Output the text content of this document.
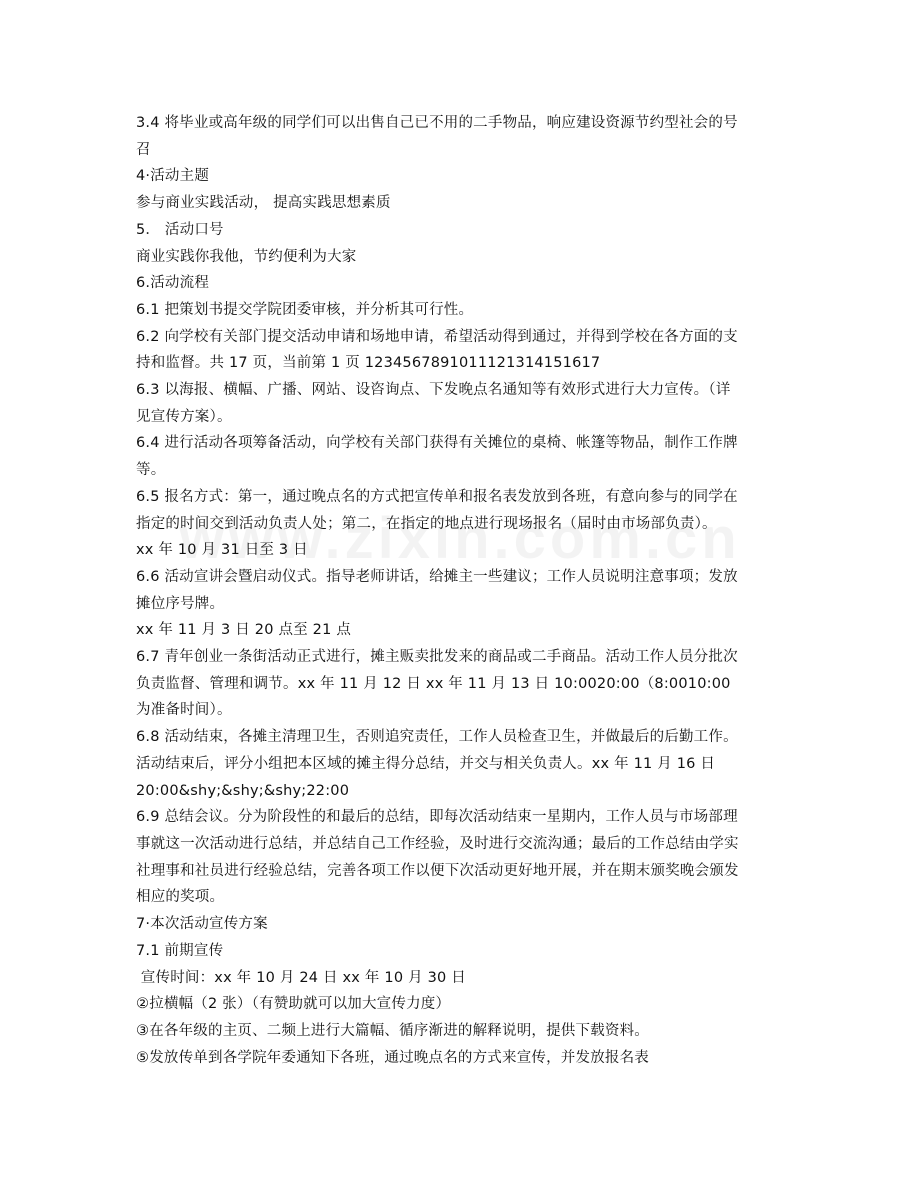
3.4 将毕业或高年级的同学们可以出售自己已不用的二手物品，响应建设资源节约型社会的号
召
4·活动主题
参与商业实践活动， 提高实践思想素质
5． 活动口号
商业实践你我他，节约便利为大家
6.活动流程
6.1 把策划书提交学院团委审核，并分析其可行性。
6.2 向学校有关部门提交活动申请和场地申请，希望活动得到通过，并得到学校在各方面的支
持和监督。共 17 页，当前第 1 页 1234567891011121314151617
6.3 以海报、横幅、广播、网站、设咨询点、下发晚点名通知等有效形式进行大力宣传。（详
见宣传方案）。
6.4 进行活动各项筹备活动，向学校有关部门获得有关摊位的桌椅、帐篷等物品，制作工作牌
等。
6.5 报名方式：第一，通过晚点名的方式把宣传单和报名表发放到各班，有意向参与的同学在
指定的时间交到活动负责人处；第二，在指定的地点进行现场报名（届时由市场部负责）。
xx 年 10 月 31 日至 3 日
6.6 活动宣讲会暨启动仪式。指导老师讲话，给摊主一些建议；工作人员说明注意事项；发放
摊位序号牌。
xx 年 11 月 3 日 20 点至 21 点
6.7 青年创业一条街活动正式进行，摊主贩卖批发来的商品或二手商品。活动工作人员分批次
负责监督、管理和调节。xx 年 11 月 12 日 xx 年 11 月 13 日 10:0020:00（8:0010:00
为准备时间）。
6.8 活动结束，各摊主清理卫生，否则追究责任，工作人员检查卫生，并做最后的后勤工作。
活动结束后，评分小组把本区域的摊主得分总结，并交与相关负责人。xx 年 11 月 16 日
20:00&shy;&shy;&shy;22:00
6.9 总结会议。分为阶段性的和最后的总结，即每次活动结束一星期内，工作人员与市场部理
事就这一次活动进行总结，并总结自己工作经验，及时进行交流沟通；最后的工作总结由学实
社理事和社员进行经验总结，完善各项工作以便下次活动更好地开展，并在期末颁奖晚会颁发
相应的奖项。
7·本次活动宣传方案
7.1 前期宣传
宣传时间：xx 年 10 月 24 日 xx 年 10 月 30 日
②拉横幅（2 张）（有赞助就可以加大宣传力度）
③在各年级的主页、二频上进行大篇幅、循序渐进的解释说明，提供下载资料。
⑤发放传单到各学院年委通知下各班，通过晚点名的方式来宣传，并发放报名表
